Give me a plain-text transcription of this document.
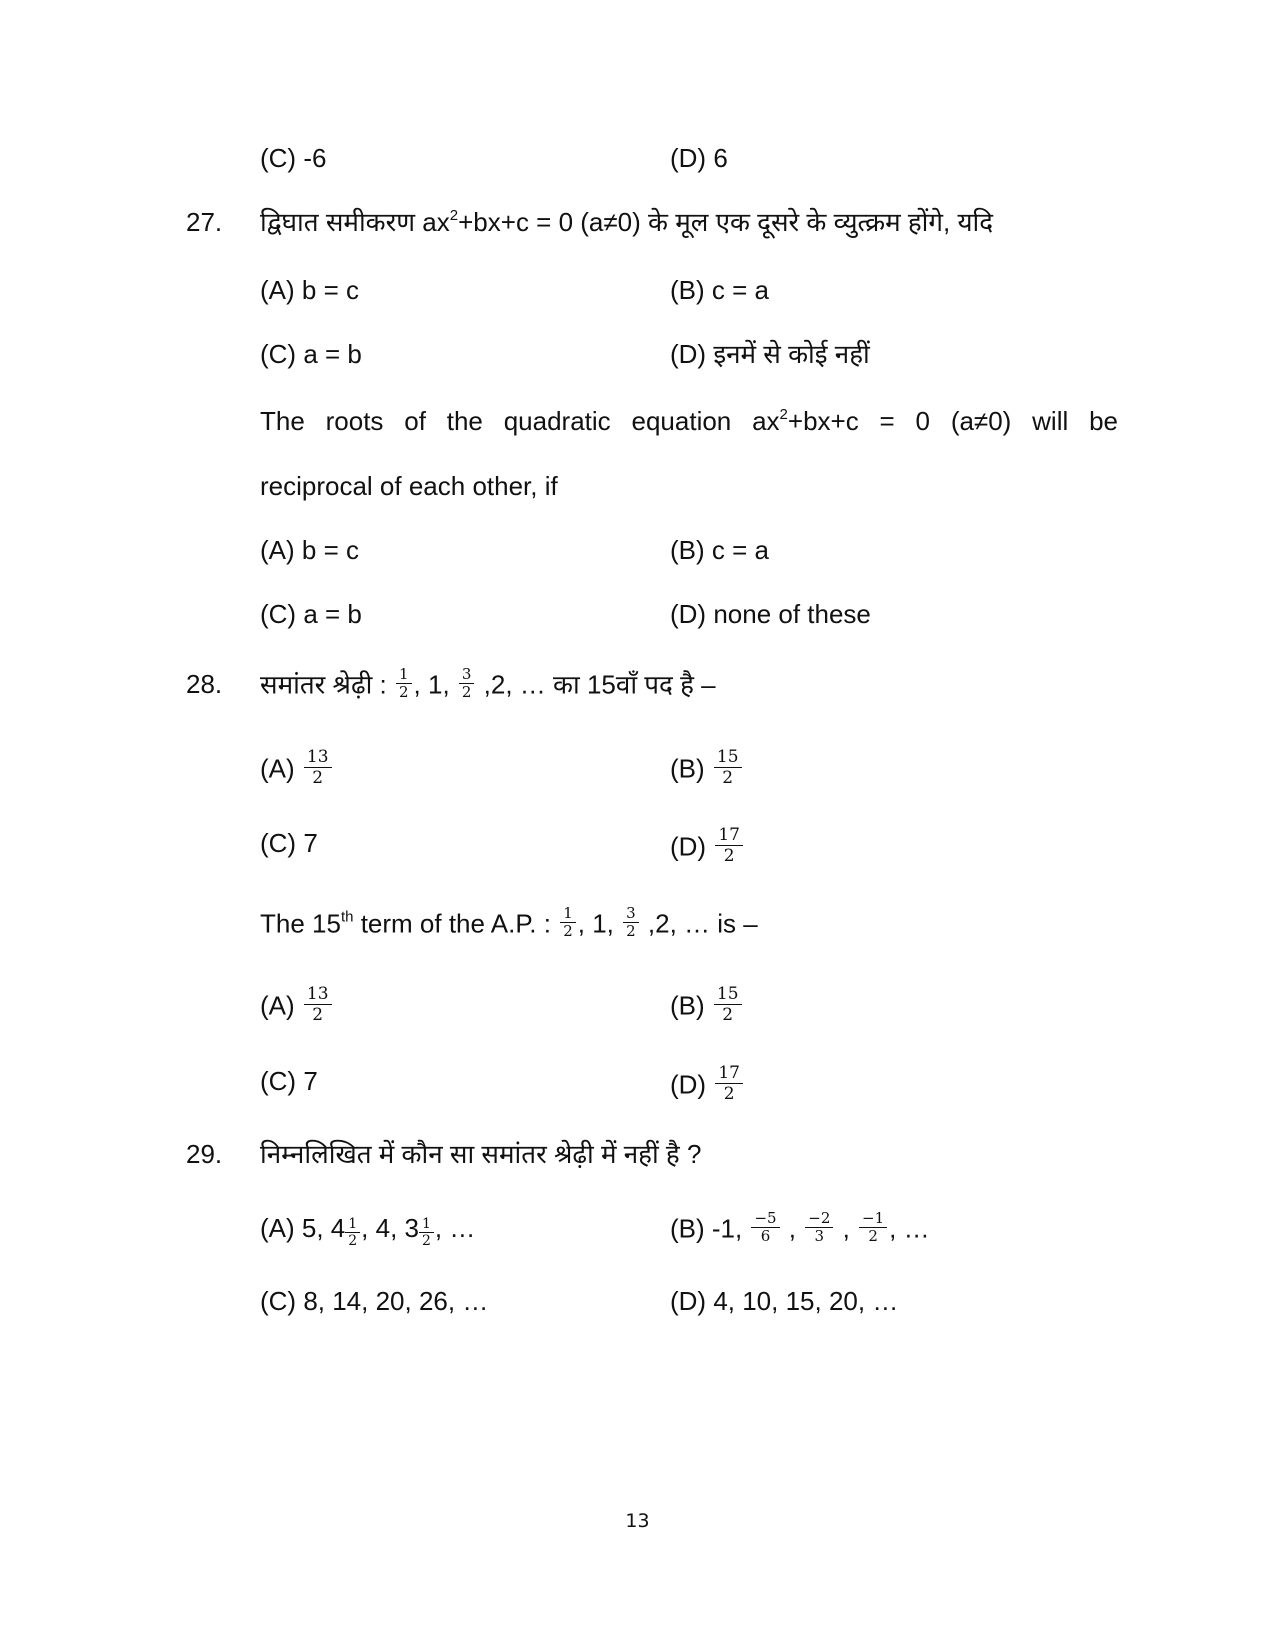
(C) -6	(D) 6
27. द्विघात समीकरण $ax^2+bx+c = 0$ (a≠0) के मूल एक दूसरे के व्युत्क्रम होंगे, यदि
(A) b = c	(B) c = a
(C) a = b	(D) इनमें से कोई नहीं
The roots of the quadratic equation $ax^2+bx+c = 0$ (a≠0) will be
reciprocal of each other, if
(A) b = c	(B) c = a
(C) a = b	(D) none of these
28. समांतर श्रेढ़ी : $\frac{1}{2}$ , 1, $\frac{3}{2} ,2$, … का 15वाँ पद है –
$(A) \frac{13}{2}$	$(B) \frac{15}{2}$
(C) 7	$(D) \frac{17}{2}$
The 15th term of the A.P. : $\frac{1}{2}$ , 1, $\frac{3}{2} ,2$, … is –
$(A) \frac{13}{2}$	$(B) \frac{15}{2}$
(C) 7	$(D) \frac{17}{2}$
29. निम्नलिखित में कौन सा समांतर श्रेढ़ी में नहीं है ?
(A) 5, $4 \frac{1}{2}$ , 4, $3 \frac{1}{2}$ , …	(B) -1, $\frac{-5}{6}$ , $\frac{-2}{3}$ , $\frac{-1}{2}$ , …
(C) 8, 14, 20, 26, …	(D) 4, 10, 15, 20, …
13
